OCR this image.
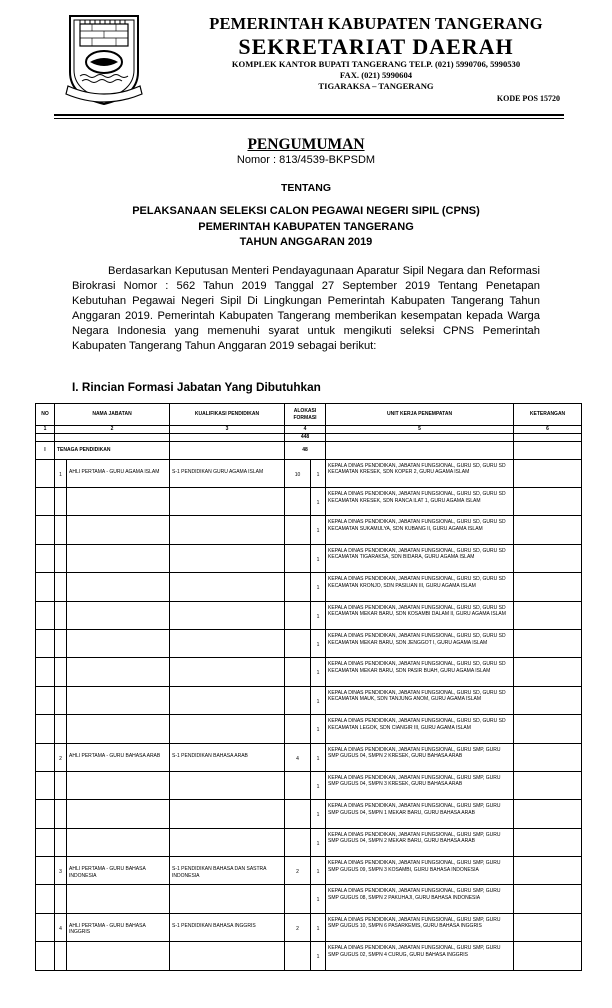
PEMERINTAH KABUPATEN TANGERANG
SEKRETARIAT DAERAH
KOMPLEK KANTOR BUPATI TANGERANG TELP. (021) 5990706, 5990530
FAX. (021) 5990604
TIGARAKSA – TANGERANG
KODE POS 15720
PENGUMUMAN
Nomor : 813/4539-BKPSDM
TENTANG
PELAKSANAAN SELEKSI CALON PEGAWAI NEGERI SIPIL (CPNS)
PEMERINTAH KABUPATEN TANGERANG
TAHUN ANGGARAN 2019
Berdasarkan Keputusan Menteri Pendayagunaan Aparatur Sipil Negara dan Reformasi Birokrasi Nomor : 562 Tahun 2019 Tanggal 27 September 2019 Tentang Penetapan Kebutuhan Pegawai Negeri Sipil Di Lingkungan Pemerintah Kabupaten Tangerang Tahun Anggaran 2019. Pemerintah Kabupaten Tangerang memberikan kesempatan kepada Warga Negara Indonesia yang memenuhi syarat untuk mengikuti seleksi CPNS Pemerintah Kabupaten Tangerang Tahun Anggaran 2019 sebagai berikut:
I. Rincian Formasi Jabatan Yang Dibutuhkan
NO	NAMA JABATAN		KUALIFIKASI PENDIDIKAN	ALOKASI FORMASI		UNIT KERJA PENEMPATAN	KETERANGAN
1	2		3	4		5	6
				448			
I	TENAGA PENDIDIKAN			48			
	1	AHLI PERTAMA - GURU AGAMA ISLAM	S-1 PENDIDIKAN GURU AGAMA ISLAM	10	1	KEPALA DINAS PENDIDIKAN, JABATAN FUNGSIONAL, GURU SD, GURU SD KECAMATAN KRESEK, SDN KOPER 2, GURU AGAMA ISLAM	
					1	KEPALA DINAS PENDIDIKAN, JABATAN FUNGSIONAL, GURU SD, GURU SD KECAMATAN KRESEK, SDN RANCA ILAT 1, GURU AGAMA ISLAM	
					1	KEPALA DINAS PENDIDIKAN, JABATAN FUNGSIONAL, GURU SD, GURU SD KECAMATAN SUKAMULYA, SDN KUBANG II, GURU AGAMA ISLAM	
					1	KEPALA DINAS PENDIDIKAN, JABATAN FUNGSIONAL, GURU SD, GURU SD KECAMATAN TIGARAKSA, SDN BIDARA, GURU AGAMA ISLAM	
					1	KEPALA DINAS PENDIDIKAN, JABATAN FUNGSIONAL, GURU SD, GURU SD KECAMATAN KRONJO, SDN PASILIAN III, GURU AGAMA ISLAM	
					1	KEPALA DINAS PENDIDIKAN, JABATAN FUNGSIONAL, GURU SD, GURU SD KECAMATAN MEKAR BARU, SDN KOSAMBI DALAM II, GURU AGAMA ISLAM	
					1	KEPALA DINAS PENDIDIKAN, JABATAN FUNGSIONAL, GURU SD, GURU SD KECAMATAN MEKAR BARU, SDN JENGGOT I, GURU AGAMA ISLAM	
					1	KEPALA DINAS PENDIDIKAN, JABATAN FUNGSIONAL, GURU SD, GURU SD KECAMATAN MEKAR BARU, SDN PASIR BUAH, GURU AGAMA ISLAM	
					1	KEPALA DINAS PENDIDIKAN, JABATAN FUNGSIONAL, GURU SD, GURU SD KECAMATAN MAUK, SDN TANJUNG ANOM, GURU AGAMA ISLAM	
					1	KEPALA DINAS PENDIDIKAN, JABATAN FUNGSIONAL, GURU SD, GURU SD KECAMATAN LEGOK, SDN CIANGIR III, GURU AGAMA ISLAM	
	2	AHLI PERTAMA - GURU BAHASA ARAB	S-1 PENDIDIKAN BAHASA ARAB	4	1	KEPALA DINAS PENDIDIKAN, JABATAN FUNGSIONAL, GURU SMP, GURU SMP GUGUS 04, SMPN 2 KRESEK, GURU BAHASA ARAB	
					1	KEPALA DINAS PENDIDIKAN, JABATAN FUNGSIONAL, GURU SMP, GURU SMP GUGUS 04, SMPN 3 KRESEK, GURU BAHASA ARAB	
					1	KEPALA DINAS PENDIDIKAN, JABATAN FUNGSIONAL, GURU SMP, GURU SMP GUGUS 04, SMPN 1 MEKAR BARU, GURU BAHASA ARAB	
					1	KEPALA DINAS PENDIDIKAN, JABATAN FUNGSIONAL, GURU SMP, GURU SMP GUGUS 04, SMPN 2 MEKAR BARU, GURU BAHASA ARAB	
	3	AHLI PERTAMA - GURU BAHASA INDONESIA	S-1 PENDIDIKAN BAHASA DAN SASTRA INDONESIA	2	1	KEPALA DINAS PENDIDIKAN, JABATAN FUNGSIONAL, GURU SMP, GURU SMP GUGUS 09, SMPN 3 KOSAMBI, GURU BAHASA INDONESIA	
					1	KEPALA DINAS PENDIDIKAN, JABATAN FUNGSIONAL, GURU SMP, GURU SMP GUGUS 08, SMPN 2 PAKUHAJI, GURU BAHASA INDONESIA	
	4	AHLI PERTAMA - GURU BAHASA INGGRIS	S-1 PENDIDIKAN BAHASA INGGRIS	2	1	KEPALA DINAS PENDIDIKAN, JABATAN FUNGSIONAL, GURU SMP, GURU SMP GUGUS 10, SMPN 6 PASARKEMIS, GURU BAHASA INGGRIS	
					1	KEPALA DINAS PENDIDIKAN, JABATAN FUNGSIONAL, GURU SMP, GURU SMP GUGUS 02, SMPN 4 CURUG, GURU BAHASA INGGRIS	
